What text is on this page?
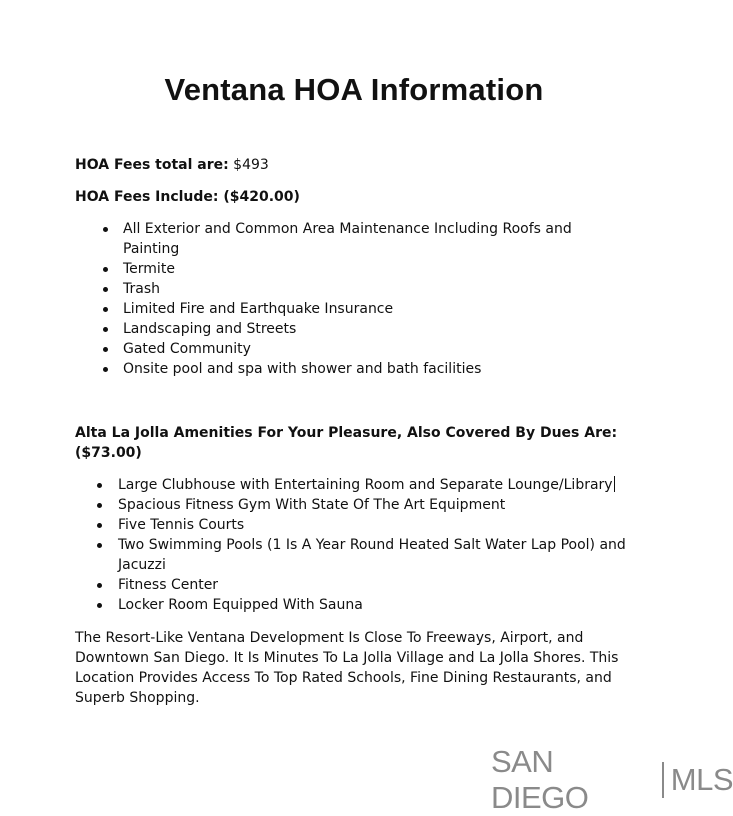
Ventana HOA Information

HOA Fees total are: $493

HOA Fees Include: ($420.00)

All Exterior and Common Area Maintenance Including Roofs and Painting
Termite
Trash
Limited Fire and Earthquake Insurance
Landscaping and Streets
Gated Community
Onsite pool and spa with shower and bath facilities

Alta La Jolla Amenities For Your Pleasure, Also Covered By Dues Are: ($73.00)

Large Clubhouse with Entertaining Room and Separate Lounge/Library
Spacious Fitness Gym With State Of The Art Equipment
Five Tennis Courts
Two Swimming Pools (1 Is A Year Round Heated Salt Water Lap Pool) and Jacuzzi
Fitness Center
Locker Room Equipped With Sauna

The Resort-Like Ventana Development Is Close To Freeways, Airport, and Downtown San Diego. It Is Minutes To La Jolla Village and La Jolla Shores. This Location Provides Access To Top Rated Schools, Fine Dining Restaurants, and Superb Shopping.

SAN DIEGO
MLS
